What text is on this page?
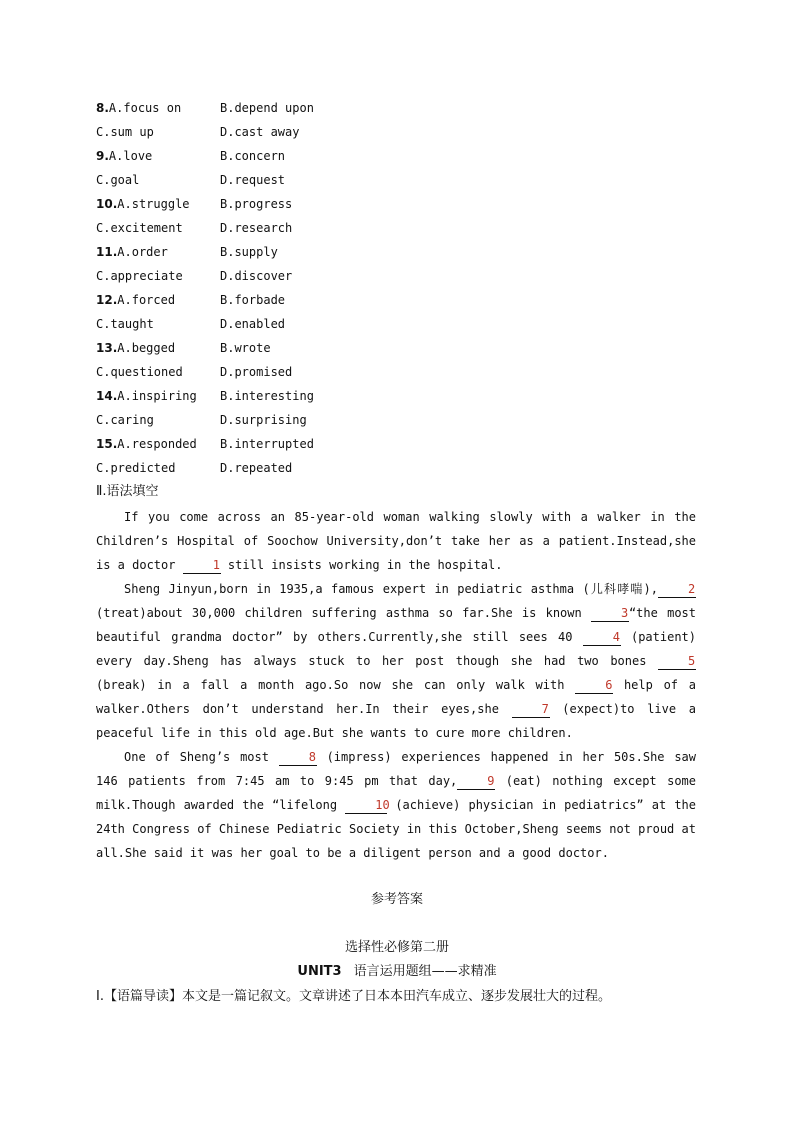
8.A.focus on	B.depend upon
C.sum up	D.cast away
9.A.love	B.concern
C.goal	D.request
10.A.struggle	B.progress
C.excitement	D.research
11.A.order	B.supply
C.appreciate	D.discover
12.A.forced	B.forbade
C.taught	D.enabled
13.A.begged	B.wrote
C.questioned	D.promised
14.A.inspiring B.interesting
C.caring	D.surprising
15.A.responded B.interrupted
C.predicted	D.repeated
Ⅱ.语法填空

If you come across an 85-year-old woman walking slowly with a walker in the Children’s Hospital of Soochow University,don’t take her as a patient.Instead,she is a doctor	1 still insists working in the hospital.

Sheng Jinyun,born in 1935,a famous expert in pediatric asthma (儿科哮喘),	2 (treat)about 30,000 children suffering asthma so far.She is known	3“the most beautiful grandma doctor” by others.Currently,she still sees 40	4 (patient) every day.Sheng has always stuck to her post though she had two bones	5 (break) in a fall a month ago.So now she can only walk with	6 help of a walker.Others don’t understand her.In their eyes,she	7 (expect)to live a peaceful life in this old age.But she wants to cure more children.

One of Sheng’s most	8 (impress) experiences happened in her 50s.She saw 146 patients from 7:45 am to 9:45 pm that day,	9 (eat) nothing except some milk.Though awarded the “lifelong	10 (achieve) physician in pediatrics” at the 24th Congress of Chinese Pediatric Society in this October,Sheng seems not proud at all.She said it was her goal to be a diligent person and a good doctor.

参考答案
选择性必修第二册
UNIT3 语言运用题组——求精准
Ⅰ.【语篇导读】本文是一篇记叙文。文章讲述了日本本田汽车成立、逐步发展壮大的过程。
